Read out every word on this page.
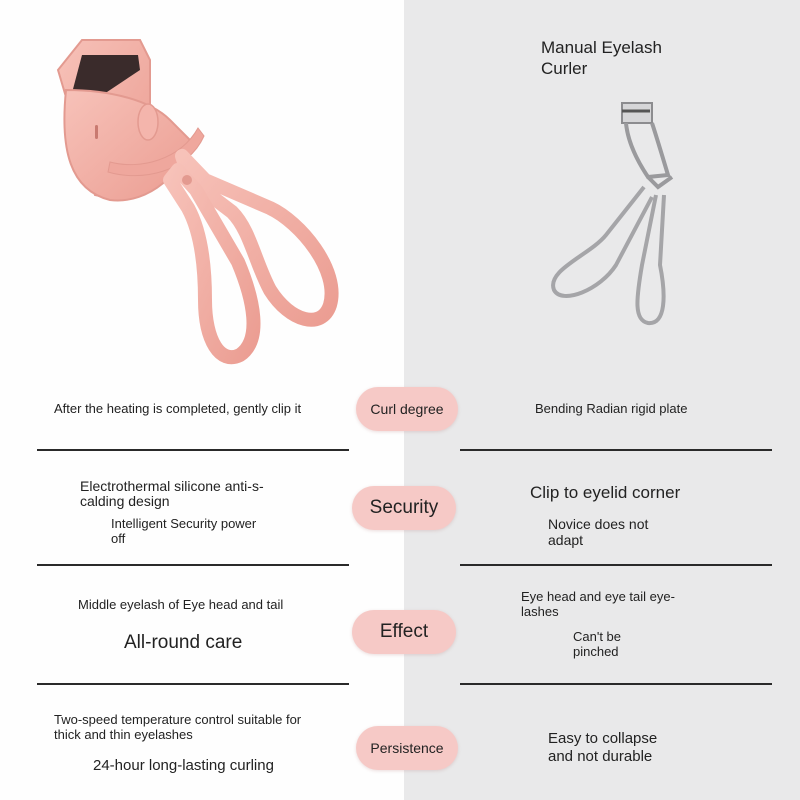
Manual Eyelash
Curler
After the heating is completed, gently clip it	Curl degree	Bending Radian rigid plate
Electrothermal silicone anti-s-
calding design
Intelligent Security power
off
Security
Clip to eyelid corner
Novice does not
adapt
Middle eyelash of Eye head and tail
All-round care
Effect
Eye head and eye tail eye-
lashes
Can't be
pinched
Two-speed temperature control suitable for
thick and thin eyelashes
24-hour long-lasting curling
Persistence
Easy to collapse
and not durable
